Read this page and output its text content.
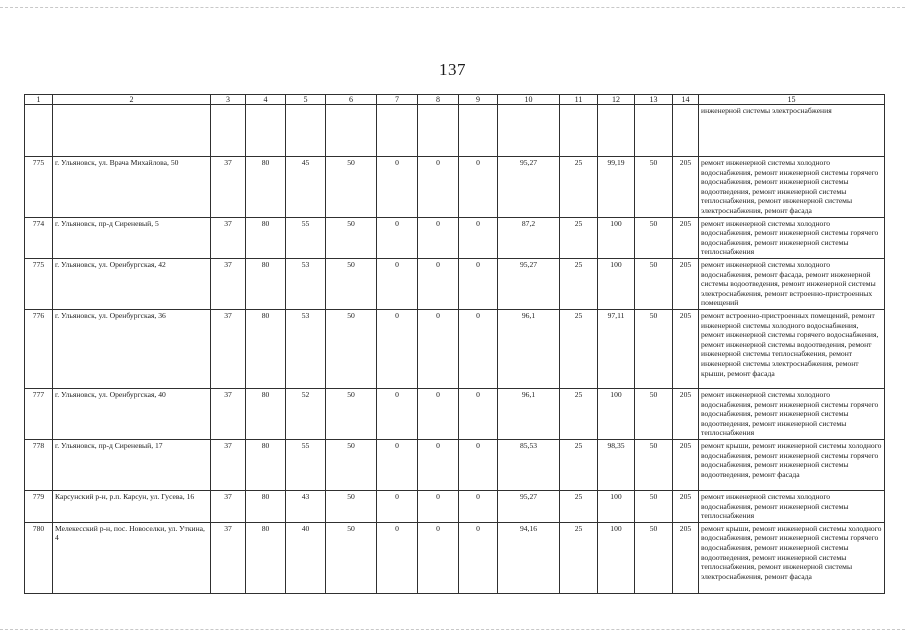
137
1	2	3	4	5	6	7	8	9	10	11	12	13	14	15
														инженерной системы электроснабжения
775	г. Ульяновск, ул. Врача Михайлова, 50	37	80	45	50	0	0	0	95,27	25	99,19	50	205	ремонт инженерной системы холодного водоснабжения, ремонт инженерной системы горячего водоснабжения, ремонт инженерной системы водоотведения, ремонт инженерной системы теплоснабжения, ремонт инженерной системы электроснабжения, ремонт фасада
774	г. Ульяновск, пр-д Сиреневый, 5	37	80	55	50	0	0	0	87,2	25	100	50	205	ремонт инженерной системы холодного водоснабжения, ремонт инженерной системы горячего водоснабжения, ремонт инженерной системы теплоснабжения
775	г. Ульяновск, ул. Оренбургская, 42	37	80	53	50	0	0	0	95,27	25	100	50	205	ремонт инженерной системы холодного водоснабжения, ремонт фасада, ремонт инженерной системы водоотведения, ремонт инженерной системы электроснабжения, ремонт встроенно-пристроенных помещений
776	г. Ульяновск, ул. Оренбургская, 36	37	80	53	50	0	0	0	96,1	25	97,11	50	205	ремонт встроенно-пристроенных помещений, ремонт инженерной системы холодного водоснабжения, ремонт инженерной системы горячего водоснабжения, ремонт инженерной системы водоотведения, ремонт инженерной системы теплоснабжения, ремонт инженерной системы электроснабжения, ремонт крыши, ремонт фасада
777	г. Ульяновск, ул. Оренбургская, 40	37	80	52	50	0	0	0	96,1	25	100	50	205	ремонт инженерной системы холодного водоснабжения, ремонт инженерной системы горячего водоснабжения, ремонт инженерной системы водоотведения, ремонт инженерной системы теплоснабжения
778	г. Ульяновск, пр-д Сиреневый, 17	37	80	55	50	0	0	0	85,53	25	98,35	50	205	ремонт крыши, ремонт инженерной системы холодного водоснабжения, ремонт инженерной системы горячего водоснабжения, ремонт инженерной системы водоотведения, ремонт фасада
779	Карсунский р-н, р.п. Карсун, ул. Гусева, 16	37	80	43	50	0	0	0	95,27	25	100	50	205	ремонт инженерной системы холодного водоснабжения, ремонт инженерной системы теплоснабжения
780	Мелекесский р-н, пос. Новоселки, ул. Уткина, 4	37	80	40	50	0	0	0	94,16	25	100	50	205	ремонт крыши, ремонт инженерной системы холодного водоснабжения, ремонт инженерной системы горячего водоснабжения, ремонт инженерной системы водоотведения, ремонт инженерной системы теплоснабжения, ремонт инженерной системы электроснабжения, ремонт фасада
